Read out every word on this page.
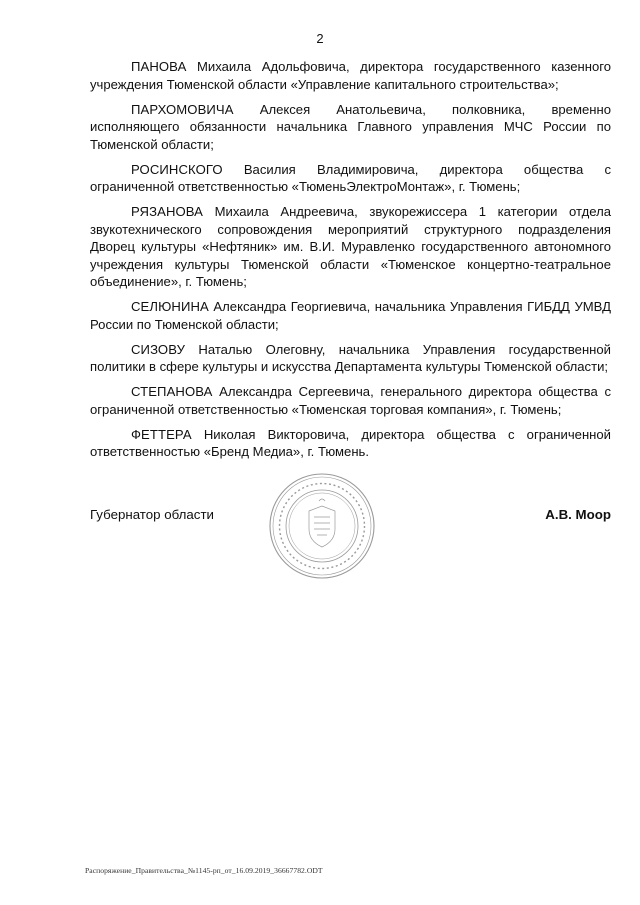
2

ПАНОВА Михаила Адольфовича, директора государственного казенного учреждения Тюменской области «Управление капитального строительства»;

ПАРХОМОВИЧА Алексея Анатольевича, полковника, временно исполняющего обязанности начальника Главного управления МЧС России по Тюменской области;

РОСИНСКОГО Василия Владимировича, директора общества с ограниченной ответственностью «ТюменьЭлектроМонтаж», г. Тюмень;

РЯЗАНОВА Михаила Андреевича, звукорежиссера 1 категории отдела звукотехнического сопровождения мероприятий структурного подразделения Дворец культуры «Нефтяник» им. В.И. Муравленко государственного автономного учреждения культуры Тюменской области «Тюменское концертно-театральное объединение», г. Тюмень;

СЕЛЮНИНА Александра Георгиевича, начальника Управления ГИБДД УМВД России по Тюменской области;

СИЗОВУ Наталью Олеговну, начальника Управления государственной политики в сфере культуры и искусства Департамента культуры Тюменской области;

СТЕПАНОВА Александра Сергеевича, генерального директора общества с ограниченной ответственностью «Тюменская торговая компания», г. Тюмень;

ФЕТТЕРА Николая Викторовича, директора общества с ограниченной ответственностью «Бренд Медиа», г. Тюмень.

Губернатор области	А.В. Моор
Распоряжение_Правительства_№1145-рп_от_16.09.2019_36667782.ODT
